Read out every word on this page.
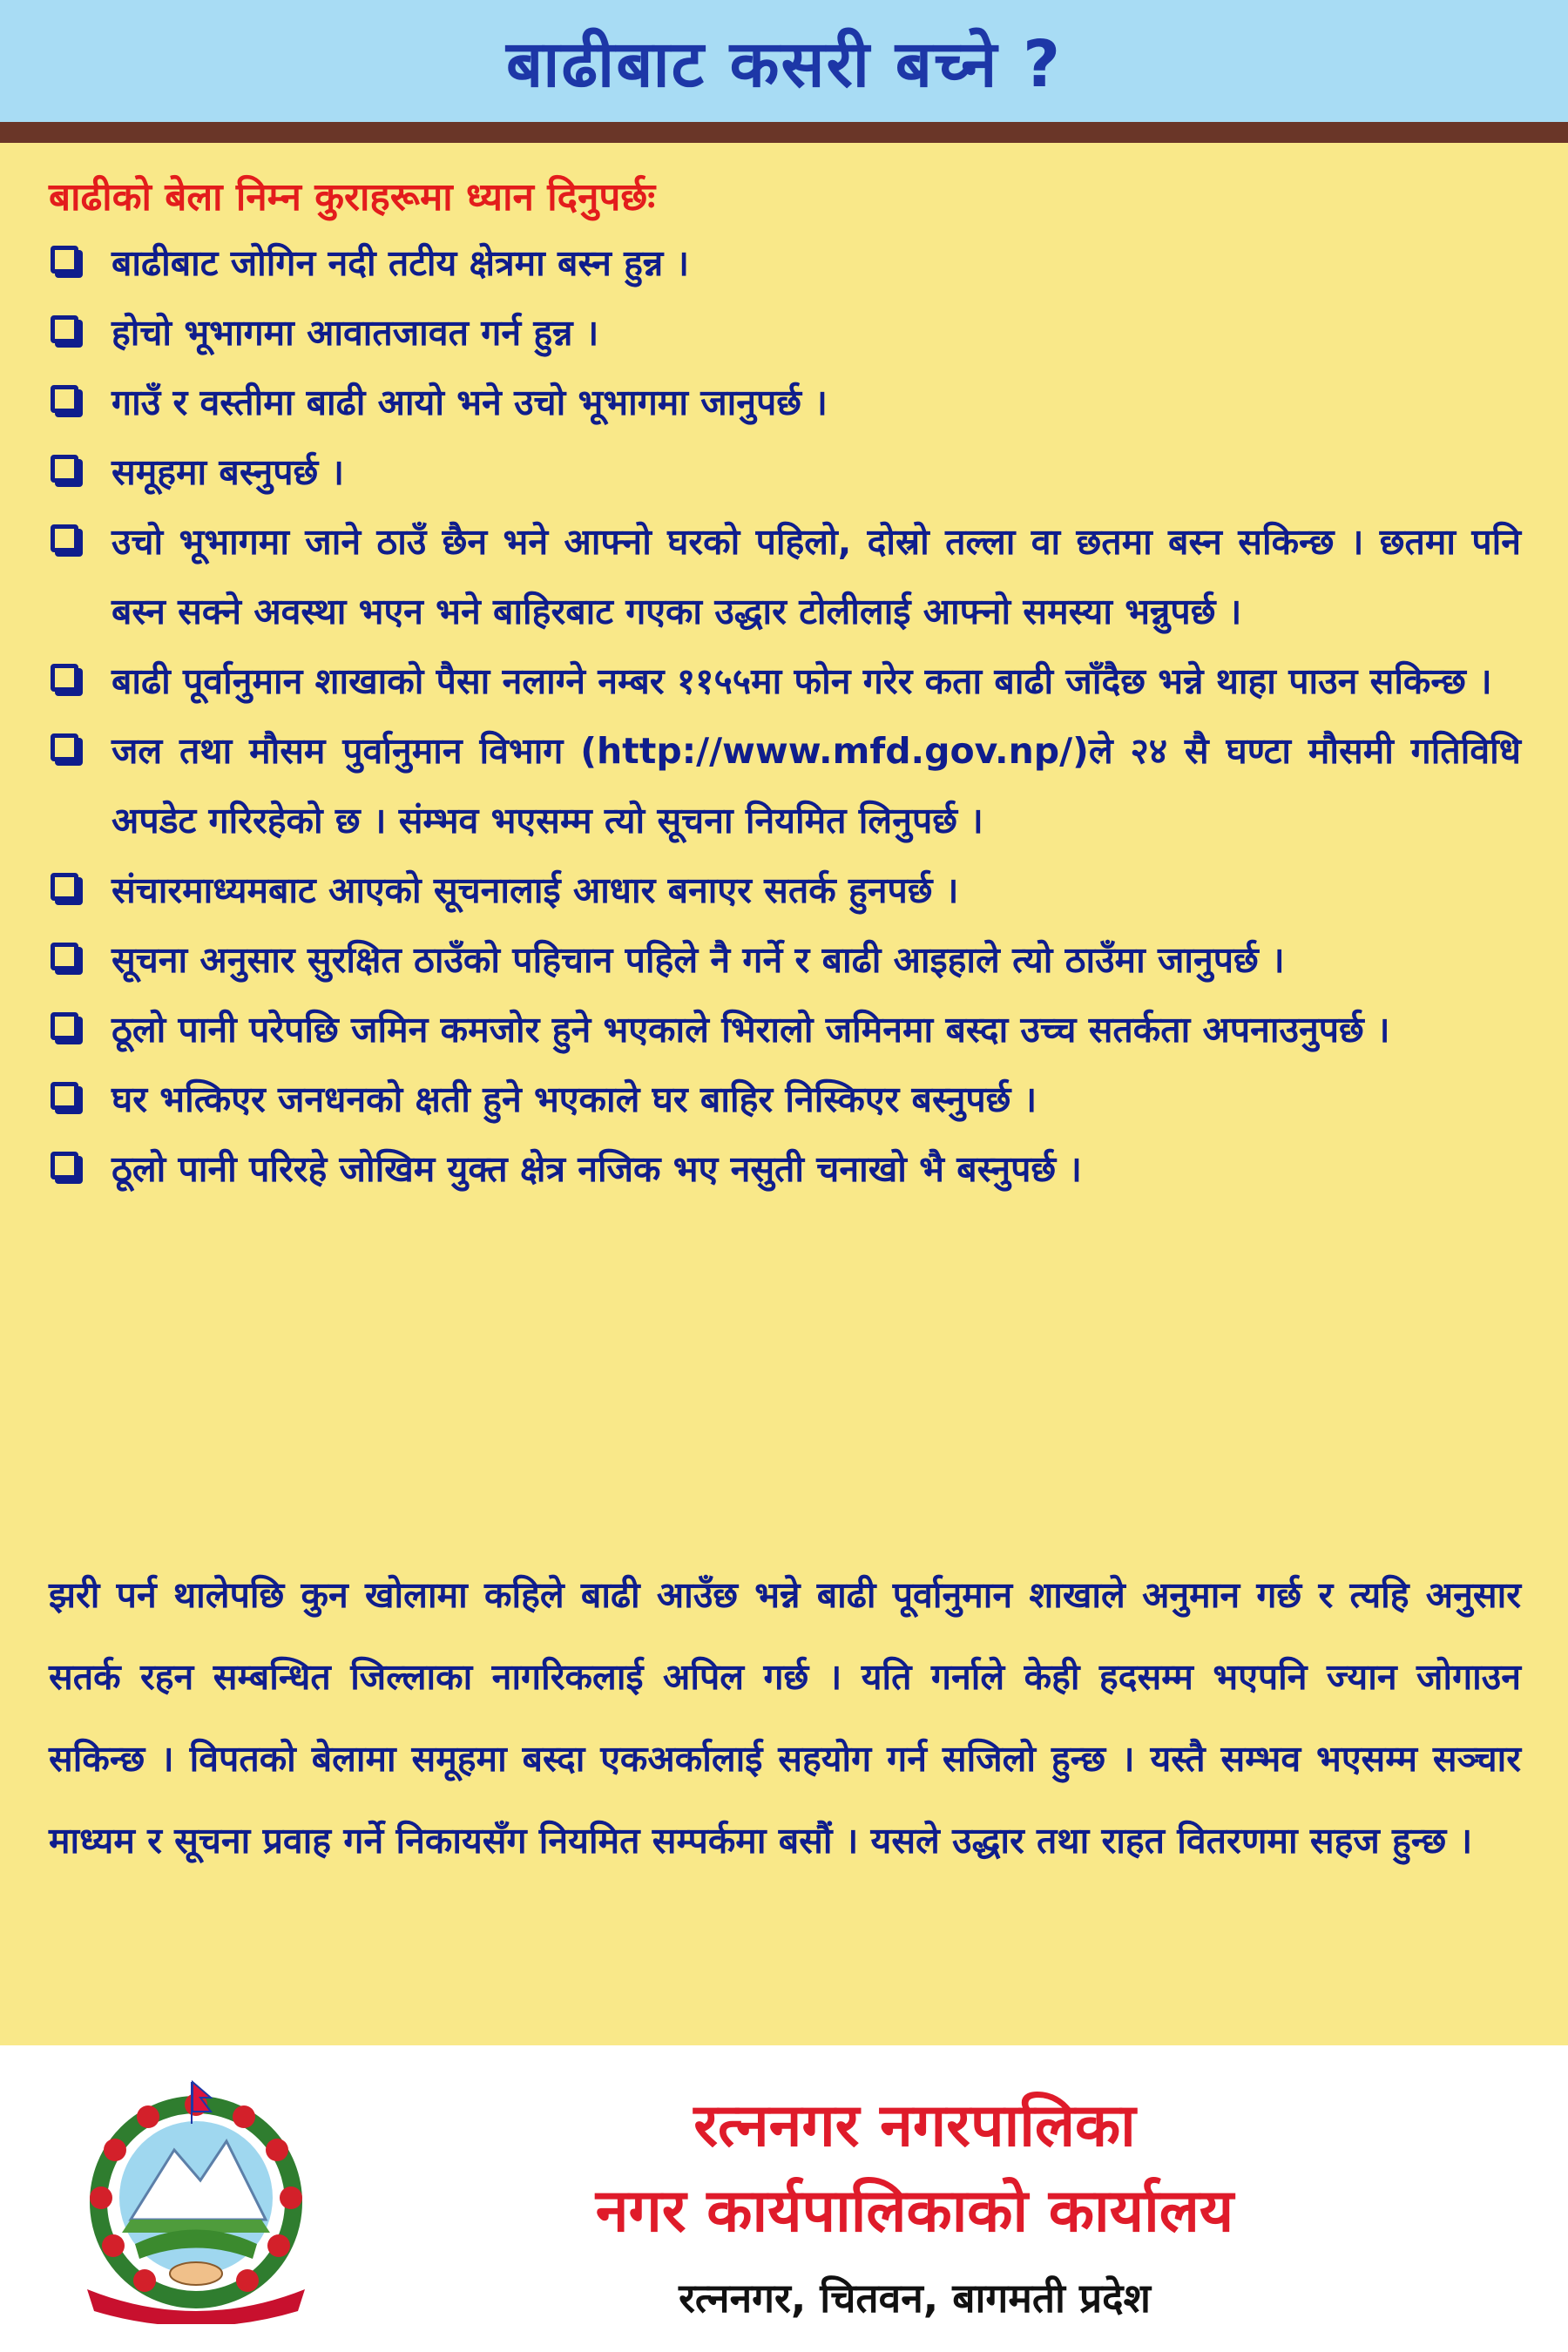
बाढीबाट कसरी बच्ने ?
बाढीको बेला निम्न कुराहरूमा ध्यान दिनुपर्छः
बाढीबाट जोगिन नदी तटीय क्षेत्रमा बस्न हुन्न ।
होचो भूभागमा आवातजावत गर्न हुन्न ।
गाउँ र वस्तीमा बाढी आयो भने उचो भूभागमा जानुपर्छ ।
समूहमा बस्नुपर्छ ।
उचो भूभागमा जाने ठाउँ छैन भने आफ्नो घरको पहिलो, दोस्रो तल्ला वा छतमा बस्न सकिन्छ । छतमा पनि बस्न सक्ने अवस्था भएन भने बाहिरबाट गएका उद्धार टोलीलाई आफ्नो समस्या भन्नुपर्छ ।
बाढी पूर्वानुमान शाखाको पैसा नलाग्ने नम्बर ११५५मा फोन गरेर कता बाढी जाँदैछ भन्ने थाहा पाउन सकिन्छ ।
जल तथा मौसम पुर्वानुमान विभाग (http://www.mfd.gov.np/)ले २४ सै घण्टा मौसमी गतिविधि अपडेट गरिरहेको छ । संम्भव भएसम्म त्यो सूचना नियमित लिनुपर्छ ।
संचारमाध्यमबाट आएको सूचनालाई आधार बनाएर सतर्क हुनपर्छ ।
सूचना अनुसार सुरक्षित ठाउँको पहिचान पहिले नै गर्ने र बाढी आइहाले त्यो ठाउँमा जानुपर्छ ।
ठूलो पानी परेपछि जमिन कमजोर हुने भएकाले भिरालो जमिनमा बस्दा उच्च सतर्कता अपनाउनुपर्छ ।
घर भत्किएर जनधनको क्षती हुने भएकाले घर बाहिर निस्किएर बस्नुपर्छ ।
ठूलो पानी परिरहे जोखिम युक्त क्षेत्र नजिक भए नसुती चनाखो भै बस्नुपर्छ ।

झरी पर्न थालेपछि कुन खोलामा कहिले बाढी आउँछ भन्ने बाढी पूर्वानुमान शाखाले अनुमान गर्छ र त्यहि अनुसार सतर्क रहन सम्बन्धित जिल्लाका नागरिकलाई अपिल गर्छ । यति गर्नाले केही हदसम्म भएपनि ज्यान जोगाउन सकिन्छ । विपतको बेलामा समूहमा बस्दा एकअर्कालाई सहयोग गर्न सजिलो हुन्छ । यस्तै सम्भव भएसम्म सञ्चार माध्यम र सूचना प्रवाह गर्ने निकायसँग नियमित सम्पर्कमा बसौं । यसले उद्धार तथा राहत वितरणमा सहज हुन्छ ।

रत्ननगर नगरपालिका
नगर कार्यपालिकाको कार्यालय
रत्ननगर, चितवन, बागमती प्रदेश
